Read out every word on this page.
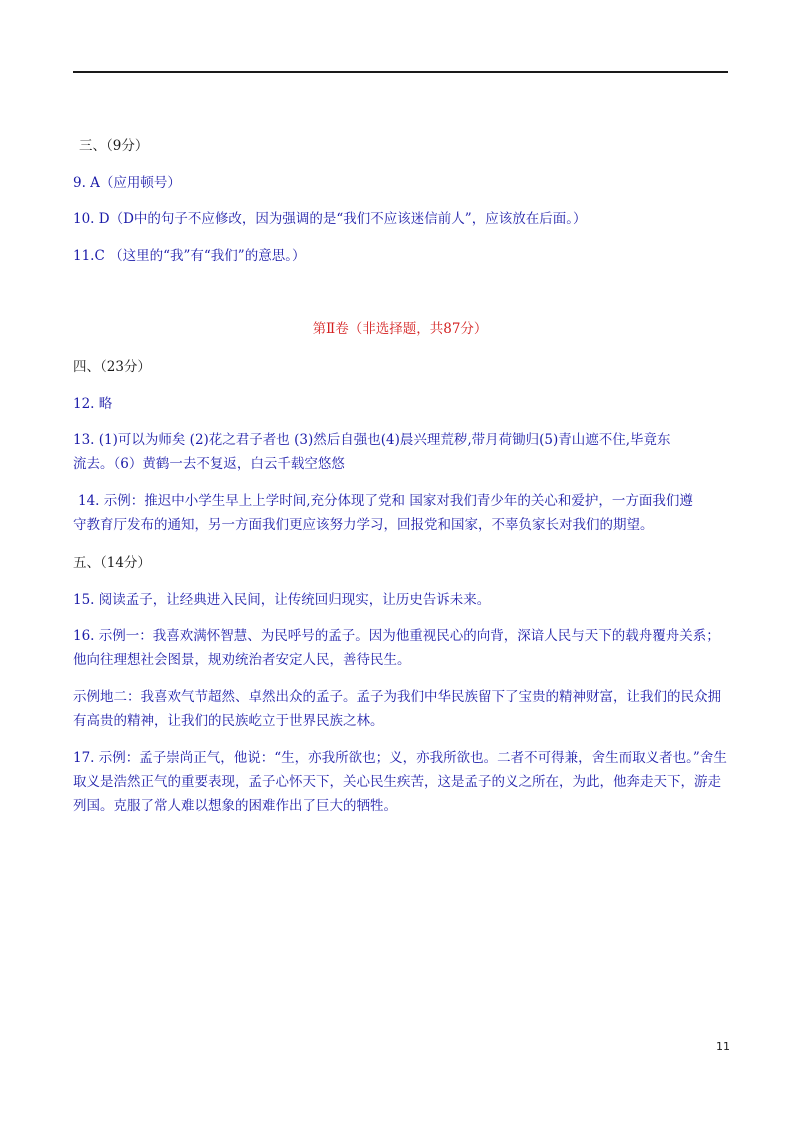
三、（9分）
9. A（应用顿号）
10. D（D中的句子不应修改，因为强调的是“我们不应该迷信前人”，应该放在后面。）
11.C （这里的“我”有“我们”的意思。）
第Ⅱ卷（非选择题，共87分）
四、（23分）
12. 略
13. (1)可以为师矣 (2)花之君子者也 (3)然后自强也(4)晨兴理荒秽,带月荷锄归(5)青山遮不住,毕竟东
流去。（6）黄鹤一去不复返，白云千载空悠悠
14. 示例：推迟中小学生早上上学时间,充分体现了党和 国家对我们青少年的关心和爱护，一方面我们遵
守教育厅发布的通知，另一方面我们更应该努力学习，回报党和国家，不辜负家长对我们的期望。
五、（14分）
15. 阅读孟子，让经典进入民间，让传统回归现实，让历史告诉未来。
16. 示例一：我喜欢满怀智慧、为民呼号的孟子。因为他重视民心的向背，深谙人民与天下的载舟覆舟关系；
他向往理想社会图景，规劝统治者安定人民，善待民生。
示例地二：我喜欢气节超然、卓然出众的孟子。孟子为我们中华民族留下了宝贵的精神财富，让我们的民众拥
有高贵的精神，让我们的民族屹立于世界民族之林。
17. 示例：孟子崇尚正气，他说：“生，亦我所欲也；义，亦我所欲也。二者不可得兼，舍生而取义者也。”舍生
取义是浩然正气的重要表现，孟子心怀天下，关心民生疾苦，这是孟子的义之所在，为此，他奔走天下，游走
列国。克服了常人难以想象的困难作出了巨大的牺牲。
11
